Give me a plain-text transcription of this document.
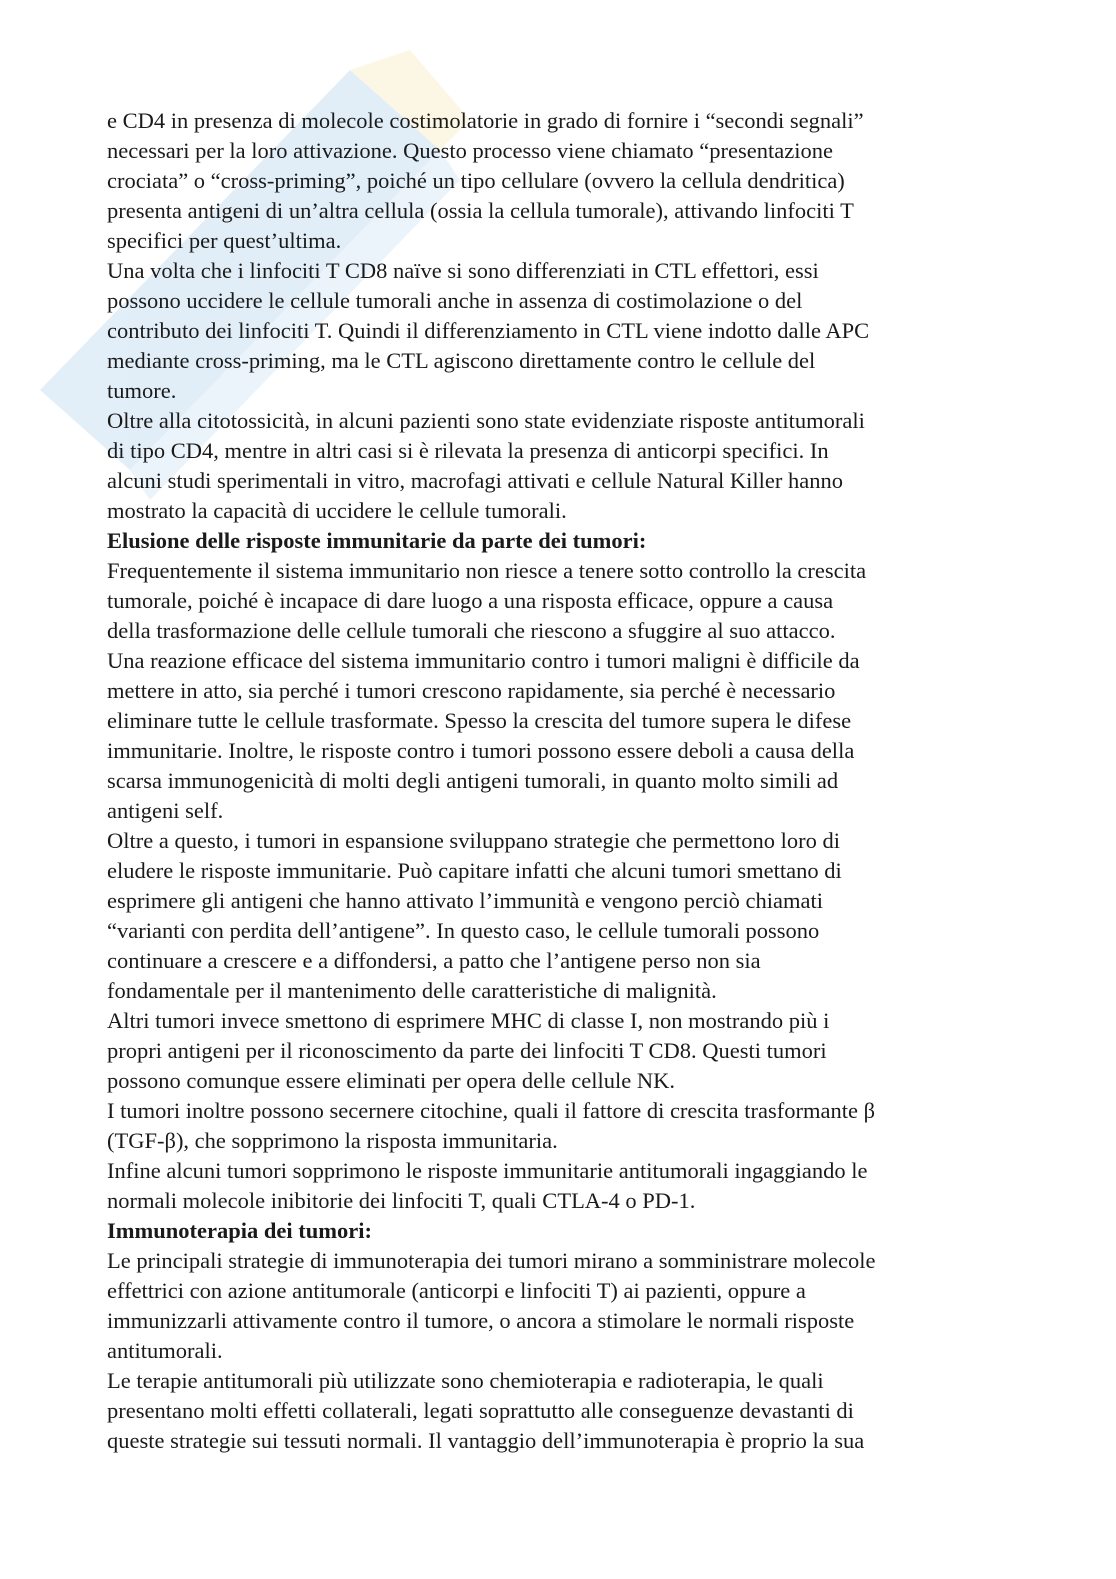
e CD4 in presenza di molecole costimolatorie in grado di fornire i “secondi segnali”
necessari per la loro attivazione. Questo processo viene chiamato “presentazione
crociata” o “cross-priming”, poiché un tipo cellulare (ovvero la cellula dendritica)
presenta antigeni di un’altra cellula (ossia la cellula tumorale), attivando linfociti T
specifici per quest’ultima.

Una volta che i linfociti T CD8 naïve si sono differenziati in CTL effettori, essi
possono uccidere le cellule tumorali anche in assenza di costimolazione o del
contributo dei linfociti T. Quindi il differenziamento in CTL viene indotto dalle APC
mediante cross-priming, ma le CTL agiscono direttamente contro le cellule del
tumore.

Oltre alla citotossicità, in alcuni pazienti sono state evidenziate risposte antitumorali
di tipo CD4, mentre in altri casi si è rilevata la presenza di anticorpi specifici. In
alcuni studi sperimentali in vitro, macrofagi attivati e cellule Natural Killer hanno
mostrato la capacità di uccidere le cellule tumorali.

Elusione delle risposte immunitarie da parte dei tumori:

Frequentemente il sistema immunitario non riesce a tenere sotto controllo la crescita
tumorale, poiché è incapace di dare luogo a una risposta efficace, oppure a causa
della trasformazione delle cellule tumorali che riescono a sfuggire al suo attacco.

Una reazione efficace del sistema immunitario contro i tumori maligni è difficile da
mettere in atto, sia perché i tumori crescono rapidamente, sia perché è necessario
eliminare tutte le cellule trasformate. Spesso la crescita del tumore supera le difese
immunitarie. Inoltre, le risposte contro i tumori possono essere deboli a causa della
scarsa immunogenicità di molti degli antigeni tumorali, in quanto molto simili ad
antigeni self.

Oltre a questo, i tumori in espansione sviluppano strategie che permettono loro di
eludere le risposte immunitarie. Può capitare infatti che alcuni tumori smettano di
esprimere gli antigeni che hanno attivato l’immunità e vengono perciò chiamati
“varianti con perdita dell’antigene”. In questo caso, le cellule tumorali possono
continuare a crescere e a diffondersi, a patto che l’antigene perso non sia
fondamentale per il mantenimento delle caratteristiche di malignità.

Altri tumori invece smettono di esprimere MHC di classe I, non mostrando più i
propri antigeni per il riconoscimento da parte dei linfociti T CD8. Questi tumori
possono comunque essere eliminati per opera delle cellule NK.

I tumori inoltre possono secernere citochine, quali il fattore di crescita trasformante β
(TGF-β), che sopprimono la risposta immunitaria.

Infine alcuni tumori sopprimono le risposte immunitarie antitumorali ingaggiando le
normali molecole inibitorie dei linfociti T, quali CTLA-4 o PD-1.

Immunoterapia dei tumori:

Le principali strategie di immunoterapia dei tumori mirano a somministrare molecole
effettrici con azione antitumorale (anticorpi e linfociti T) ai pazienti, oppure a
immunizzarli attivamente contro il tumore, o ancora a stimolare le normali risposte
antitumorali.

Le terapie antitumorali più utilizzate sono chemioterapia e radioterapia, le quali
presentano molti effetti collaterali, legati soprattutto alle conseguenze devastanti di
queste strategie sui tessuti normali. Il vantaggio dell’immunoterapia è proprio la sua
